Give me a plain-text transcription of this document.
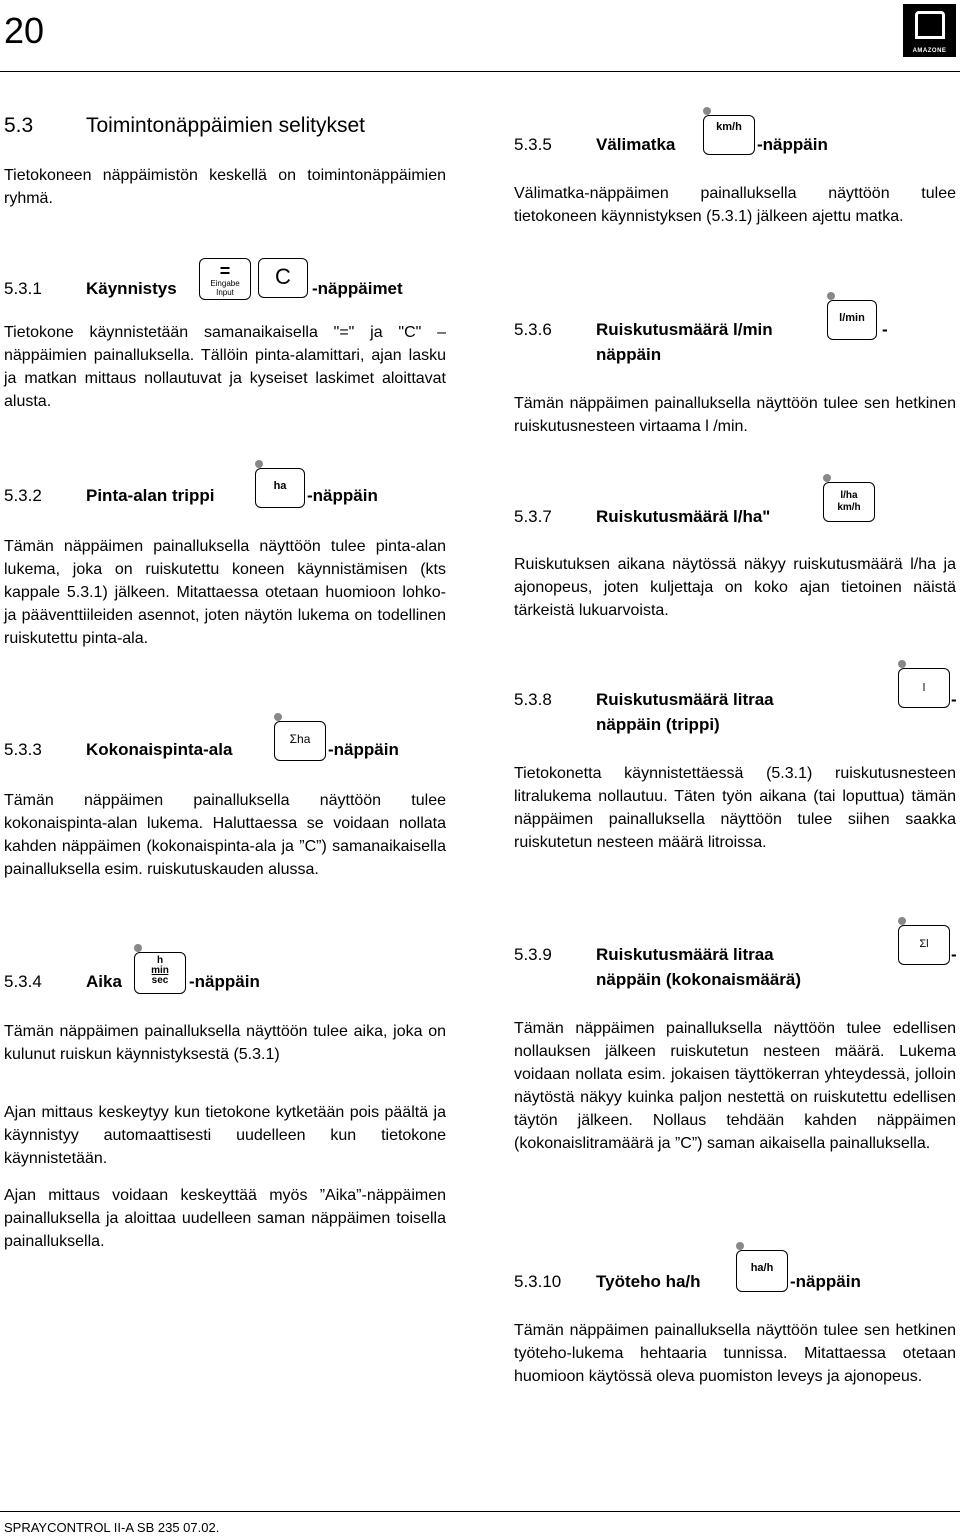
20	AMAZONE
5.3	Toimintonäppäimien selitykset
Tietokoneen näppäimistön keskellä on toimintonäppäimien ryhmä.
5.3.1	Käynnistys
=
Eingabe
Input
C	-näppäimet
Tietokone käynnistetään samanaikaisella "=" ja "C" –näppäimien painalluksella. Tällöin pinta-alamittari, ajan lasku ja matkan mittaus nollautuvat ja kyseiset laskimet aloittavat alusta.
5.3.2	Pinta-alan trippi	ha	-näppäin
Tämän näppäimen painalluksella näyttöön tulee pinta-alan lukema, joka on ruiskutettu koneen käynnistämisen (kts kappale 5.3.1) jälkeen. Mitattaessa otetaan huomioon lohko- ja pääventtiileiden asennot, joten näytön lukema on todellinen ruiskutettu pinta-ala.
5.3.3	Kokonaispinta-ala
Σha
-näppäin
Tämän näppäimen painalluksella näyttöön tulee kokonaispinta-alan lukema. Haluttaessa se voidaan nollata kahden näppäimen (kokonaispinta-ala ja ”C”) samanaikaisella painalluksella esim. ruiskutuskauden alussa.
5.3.4	Aika
h
min
$\overline{sec}$	-näppäin
Tämän näppäimen painalluksella näyttöön tulee aika, joka on kulunut ruiskun käynnistyksestä (5.3.1)
Ajan mittaus keskeytyy kun tietokone kytketään pois päältä ja käynnistyy automaattisesti uudelleen kun tietokone käynnistetään.
Ajan mittaus voidaan keskeyttää myös ”Aika”-näppäimen painalluksella ja aloittaa uudelleen saman näppäimen toisella painalluksella.
5.3.5	Välimatka
km/h
-näppäin
Välimatka-näppäimen painalluksella näyttöön tulee tietokoneen käynnistyksen (5.3.1) jälkeen ajettu matka.
5.3.6	Ruiskutusmäärä l/min
l/min
-
näppäin
Tämän näppäimen painalluksella näyttöön tulee sen hetkinen ruiskutusnesteen virtaama l /min.
5.3.7	Ruiskutusmäärä l/ha"
l/ha
km/h
Ruiskutuksen aikana näytössä näkyy ruiskutusmäärä l/ha ja ajonopeus, joten kuljettaja on koko ajan tietoinen näistä tärkeistä lukuarvoista.
5.3.8	Ruiskutusmäärä litraa
l
-
näppäin (trippi)
Tietokonetta käynnistettäessä (5.3.1) ruiskutusnesteen litralukema nollautuu. Täten työn aikana (tai loputtua) tämän näppäimen painalluksella näyttöön tulee siihen saakka ruiskutetun nesteen määrä litroissa.
5.3.9	Ruiskutusmäärä litraa
Σl
-
näppäin (kokonaismäärä)
Tämän näppäimen painalluksella näyttöön tulee edellisen nollauksen jälkeen ruiskutetun nesteen määrä. Lukema voidaan nollata esim. jokaisen täyttökerran yhteydessä, jolloin näytöstä näkyy kuinka paljon nestettä on ruiskutettu edellisen täytön jälkeen. Nollaus tehdään kahden näppäimen (kokonaislitramäärä ja ”C”) saman aikaisella painalluksella.
5.3.10 Työteho ha/h
ha/h
-näppäin
Tämän näppäimen painalluksella näyttöön tulee sen hetkinen työteho-lukema hehtaaria tunnissa. Mitattaessa otetaan huomioon käytössä oleva puomiston leveys ja ajonopeus.
SPRAYCONTROL II-A SB 235 07.02.
